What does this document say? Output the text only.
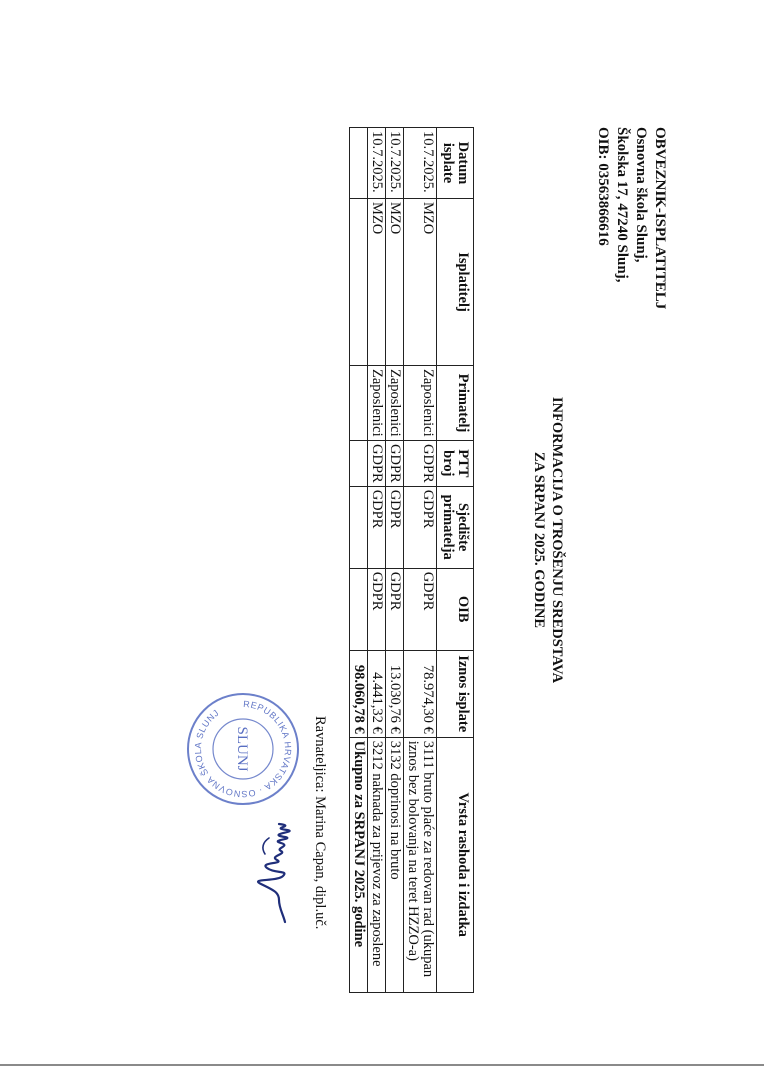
OBVEZNIK-ISPLATITELJ
Osnovna škola Slunj,
Školska 17, 47240 Slunj,
OIB: 03563866616
INFORMACIJA O TROŠENJU SREDSTAVA
ZA SRPANJ 2025. GODINE
Datum isplate	Isplatitelj	Primatelj	PTT broj	Sjedište primatelja	OIB	Iznos isplate	Vrsta rashoda i izdatka
10.7.2025.	MZO	Zaposlenici	GDPR	GDPR	GDPR	78.974,30 €	3111 bruto plaće za redovan rad (ukupan iznos bez bolovanja na teret HZZO-a)
10.7.2025.	MZO	Zaposlenici	GDPR	GDPR	GDPR	13.030,76 €	3132 doprinosi na bruto
10.7.2025.	MZO	Zaposlenici	GDPR	GDPR	GDPR	4.441,32 €	3212 naknada za prijevoz za zaposlene
						98.060,78 €	Ukupno za SRPANJ 2025. godine
Ravnateljica: Marina Capan, dipl.uč.
REPUBLIKA HRVATSKA · OSNOVNA ŠKOLA SLUNJ
SLUNJ
